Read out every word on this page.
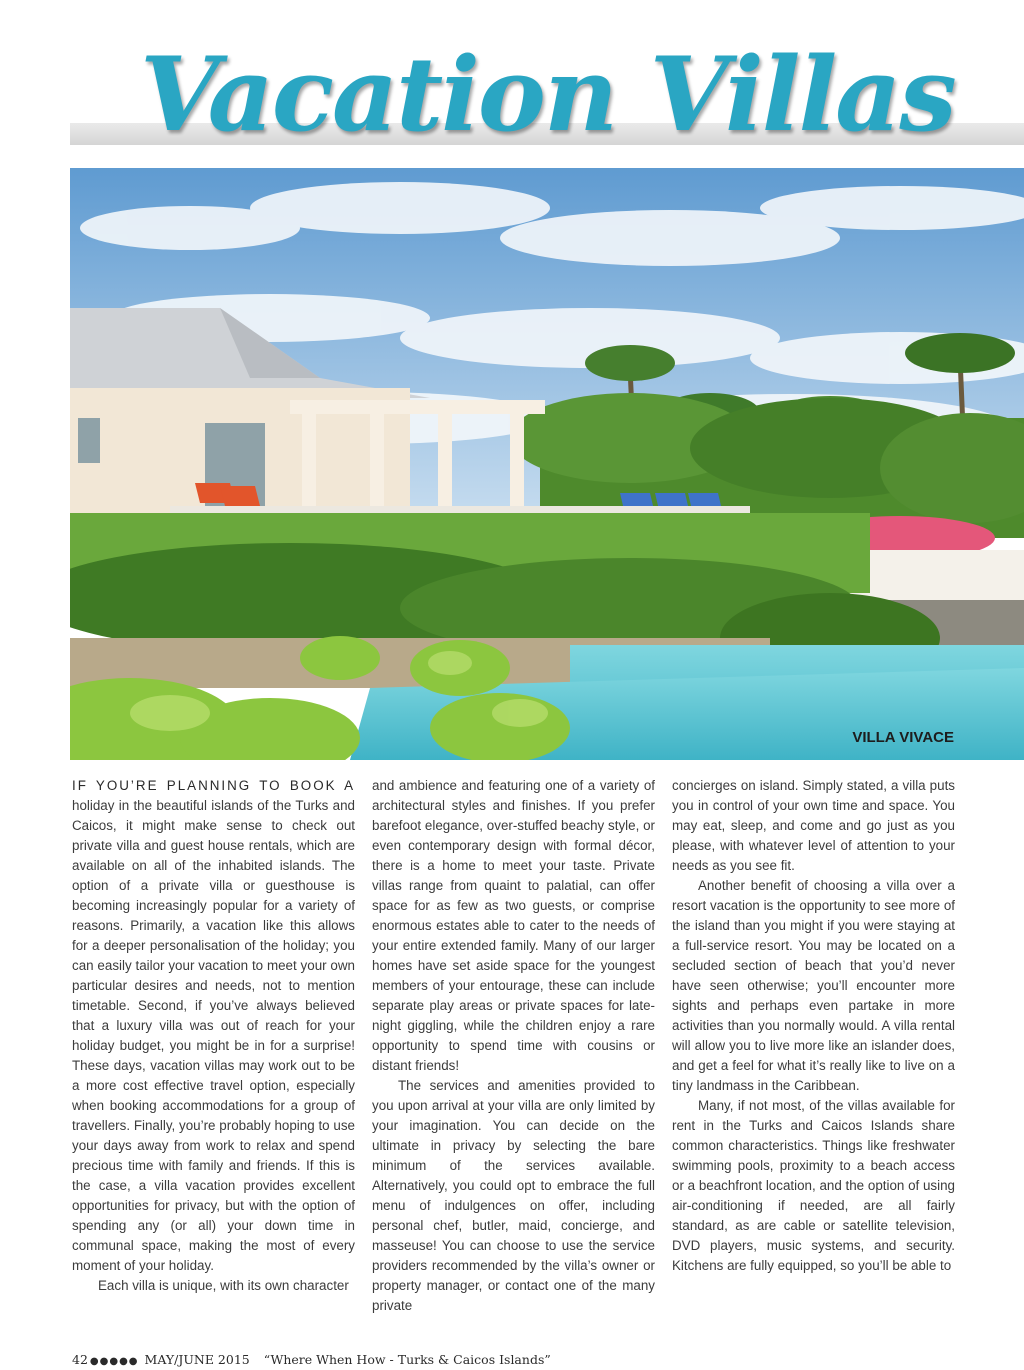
Vacation Villas
VILLA VIVACE

IF YOU’RE PLANNING TO BOOK A holiday in the beautiful islands of the Turks and Caicos, it might make sense to check out private villa and guest house rentals, which are available on all of the inhabited islands. The option of a private villa or guesthouse is becoming increasingly popular for a variety of reasons. Primarily, a vacation like this allows for a deeper personalisation of the holiday; you can easily tailor your vacation to meet your own particular desires and needs, not to mention timetable. Second, if you’ve always believed that a luxury villa was out of reach for your holiday budget, you might be in for a surprise! These days, vacation villas may work out to be a more cost effective travel option, especially when booking accommodations for a group of travellers. Finally, you’re probably hoping to use your days away from work to relax and spend precious time with family and friends. If this is the case, a villa vacation provides excellent opportunities for privacy, but with the option of spending any (or all) your down time in communal space, making the most of every moment of your holiday.

Each villa is unique, with its own character

and ambience and featuring one of a variety of architectural styles and finishes. If you prefer barefoot elegance, over-stuffed beachy style, or even contemporary design with formal décor, there is a home to meet your taste. Private villas range from quaint to palatial, can offer space for as few as two guests, or comprise enormous estates able to cater to the needs of your entire extended family. Many of our larger homes have set aside space for the youngest members of your entourage, these can include separate play areas or private spaces for late-night giggling, while the children enjoy a rare opportunity to spend time with cousins or distant friends!

The services and amenities provided to you upon arrival at your villa are only limited by your imagination. You can decide on the ultimate in privacy by selecting the bare minimum of the services available. Alternatively, you could opt to embrace the full menu of indulgences on offer, including personal chef, butler, maid, concierge, and masseuse! You can choose to use the service providers recommended by the villa’s owner or property manager, or contact one of the many private

concierges on island. Simply stated, a villa puts you in control of your own time and space. You may eat, sleep, and come and go just as you please, with whatever level of attention to your needs as you see fit.

Another benefit of choosing a villa over a resort vacation is the opportunity to see more of the island than you might if you were staying at a full-service resort. You may be located on a secluded section of beach that you’d never have seen otherwise; you’ll encounter more sights and perhaps even partake in more activities than you normally would. A villa rental will allow you to live more like an islander does, and get a feel for what it’s really like to live on a tiny landmass in the Caribbean.

Many, if not most, of the villas available for rent in the Turks and Caicos Islands share common characteristics. Things like freshwater swimming pools, proximity to a beach access or a beachfront location, and the option of using air-conditioning if needed, are all fairly standard, as are cable or satellite television, DVD players, music systems, and security. Kitchens are fully equipped, so you’ll be able to

42 ●●●●● MAY/JUNE 2015 “Where When How - Turks & Caicos Islands”
